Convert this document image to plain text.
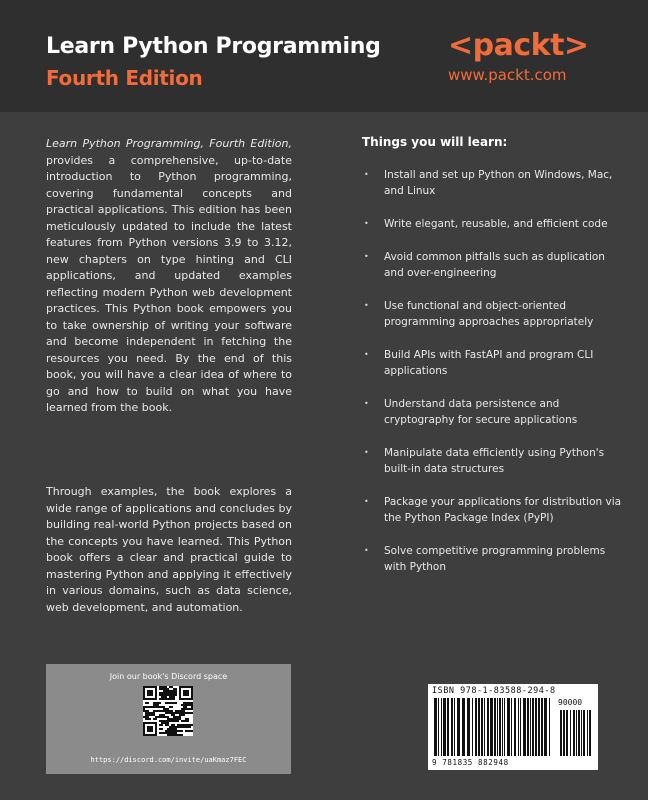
Learn Python Programming
Fourth Edition
<packt>
www.packt.com
Learn Python Programming, Fourth Edition, provides a comprehensive, up-to-date introduction to Python programming, covering fundamental concepts and practical applications. This edition has been meticulously updated to include the latest features from Python versions 3.9 to 3.12, new chapters on type hinting and CLI applications, and updated examples reflecting modern Python web development practices. This Python book empowers you to take ownership of writing your software and become independent in fetching the resources you need. By the end of this book, you will have a clear idea of where to go and how to build on what you have learned from the book.
Through examples, the book explores a wide range of applications and concludes by building real-world Python projects based on the concepts you have learned. This Python book offers a clear and practical guide to mastering Python and applying it effectively in various domains, such as data science, web development, and automation.
Things you will learn:
• Install and set up Python on Windows, Mac, and Linux
• Write elegant, reusable, and efficient code
• Avoid common pitfalls such as duplication and over-engineering
• Use functional and object-oriented programming approaches appropriately
• Build APIs with FastAPI and program CLI applications
• Understand data persistence and cryptography for secure applications
• Manipulate data efficiently using Python's built-in data structures
• Package your applications for distribution via the Python Package Index (PyPI)
• Solve competitive programming problems with Python
Join our book's Discord space
https://discord.com/invite/uaKmaz7FEC
ISBN 978-1-83588-294-8
90000
9 781835 882948
